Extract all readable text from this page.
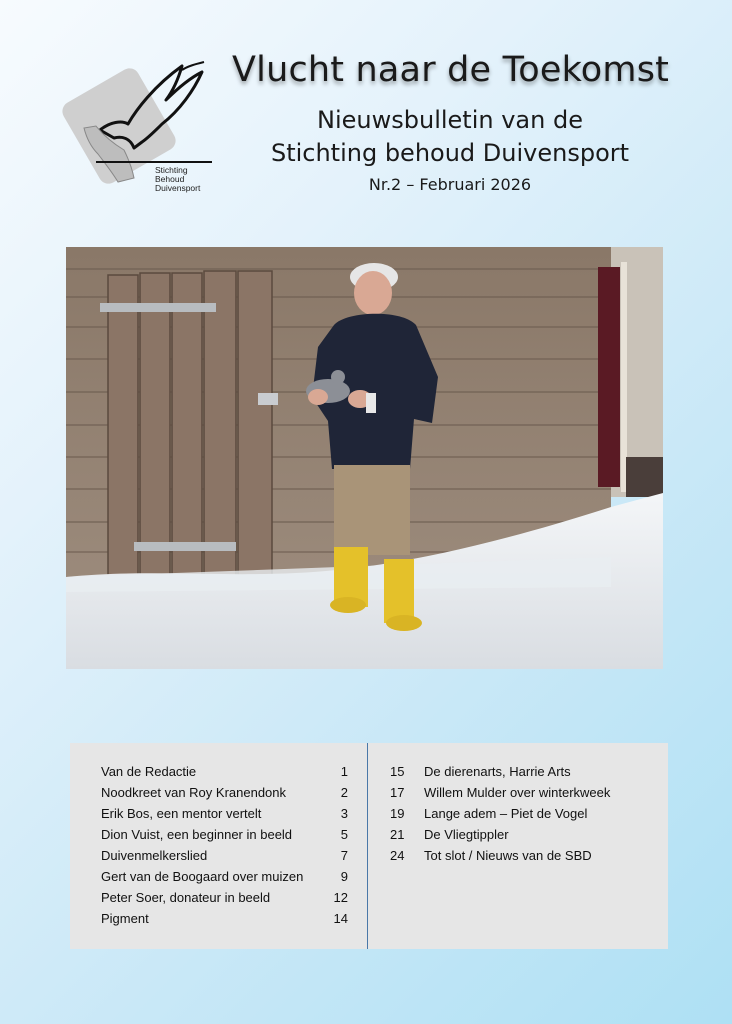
Stichting
Behoud
Duivensport
Vlucht naar de Toekomst
Nieuwsbulletin van de
Stichting behoud Duivensport
Nr.2 – Februari 2026
Van de Redactie	1
Noodkreet van Roy Kranendonk	2
Erik Bos, een mentor vertelt	3
Dion Vuist, een beginner in beeld	5
Duivenmelkerslied	7
Gert van de Boogaard over muizen	9
Peter Soer, donateur in beeld	12
Pigment	14
15	De dierenarts, Harrie Arts
17	Willem Mulder over winterkweek
19	Lange adem – Piet de Vogel
21	De Vliegtippler
24	Tot slot / Nieuws van de SBD
